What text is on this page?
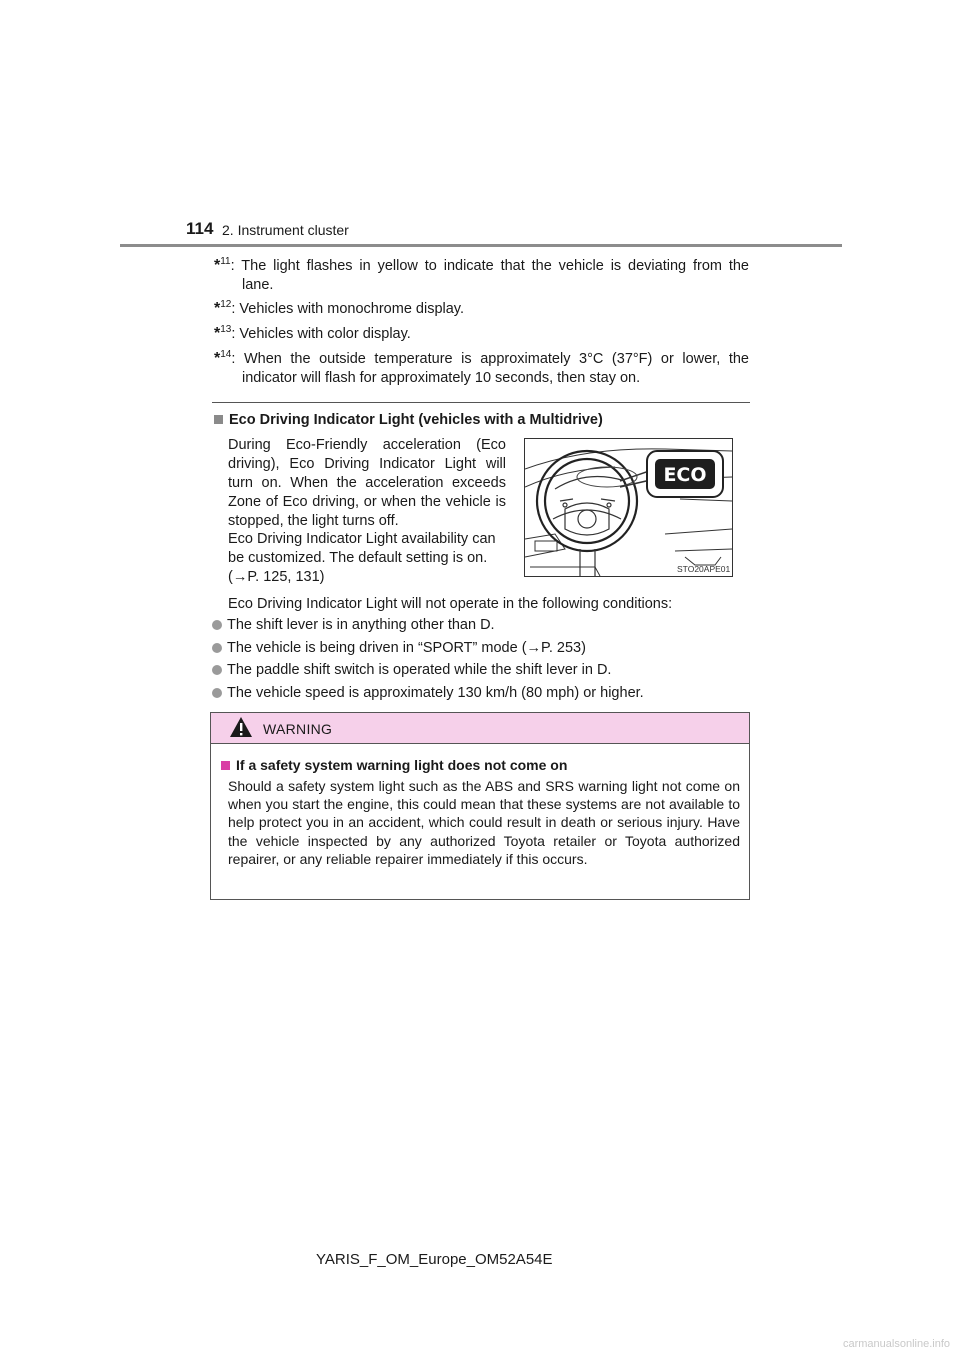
114 2. Instrument cluster
*$^{11}$: The light flashes in yellow to indicate that the vehicle is deviating from the
lane.
*$^{12}$: Vehicles with monochrome display.
*$^{13}$: Vehicles with color display.
*$^{14}$: When the outside temperature is approximately 3°C (37°F) or lower, the
indicator will flash for approximately 10 seconds, then stay on.
Eco Driving Indicator Light (vehicles with a Multidrive)
During Eco-Friendly acceleration (Eco driving), Eco Driving Indicator Light will turn on. When the acceleration exceeds Zone of Eco driving, or when the vehicle is stopped, the light turns off.
Eco Driving Indicator Light availability can
be customized. The default setting is on.
(→P. 125, 131)
ECO
STO20APE01
Eco Driving Indicator Light will not operate in the following conditions:
The shift lever is in anything other than D.
The vehicle is being driven in “SPORT” mode (→P. 253)
The paddle shift switch is operated while the shift lever in D.
The vehicle speed is approximately 130 km/h (80 mph) or higher.
WARNING
If a safety system warning light does not come on
Should a safety system light such as the ABS and SRS warning light not come on when you start the engine, this could mean that these systems are not available to help protect you in an accident, which could result in death or serious injury. Have the vehicle inspected by any authorized Toyota retailer or Toyota authorized repairer, or any reliable repairer immediately if this occurs.
YARIS_F_OM_Europe_OM52A54E
carmanualsonline.info
